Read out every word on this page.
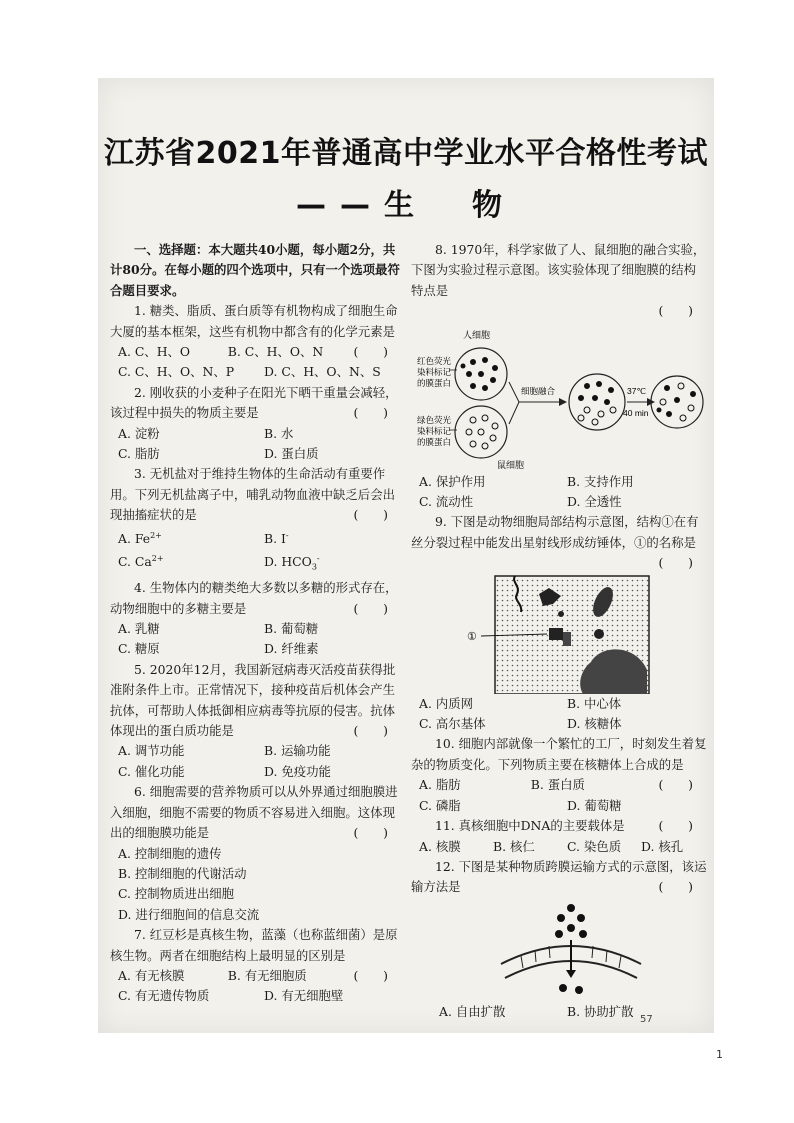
江苏省2021年普通高中学业水平合格性考试
——生　物

一、选择题：本大题共40小题，每小题2分，共计80分。在每小题的四个选项中，只有一个选项最符合题目要求。

1. 糖类、脂质、蛋白质等有机物构成了细胞生命大厦的基本框架，这些有机物中都含有的化学元素是
(　　)

A. C、H、O	B. C、H、O、N
C. C、H、O、N、P	D. C、H、O、N、S

2. 刚收获的小麦种子在阳光下晒干重量会减轻，该过程中损失的物质主要是	(　　)

A. 淀粉	B. 水
C. 脂肪	D. 蛋白质

3. 无机盐对于维持生物体的生命活动有重要作用。下列无机盐离子中，哺乳动物血液中缺乏后会出现抽搐症状的是	(　　)

A. $Fe^{2+}$	B. I-
C. $Ca^{2+}$	D. $HCO_3^-$

4. 生物体内的糖类绝大多数以多糖的形式存在，动物细胞中的多糖主要是	(　　)

A. 乳糖	B. 葡萄糖
C. 糖原	D. 纤维素

5. 2020年12月，我国新冠病毒灭活疫苗获得批准附条件上市。正常情况下，接种疫苗后机体会产生抗体，可帮助人体抵御相应病毒等抗原的侵害。抗体体现出的蛋白质功能是	(　　)

A. 调节功能	B. 运输功能
C. 催化功能	D. 免疫功能

6. 细胞需要的营养物质可以从外界通过细胞膜进入细胞，细胞不需要的物质不容易进入细胞。这体现出的细胞膜功能是	(　　)

A. 控制细胞的遗传
B. 控制细胞的代谢活动
C. 控制物质进出细胞
D. 进行细胞间的信息交流

7. 红豆杉是真核生物，蓝藻（也称蓝细菌）是原核生物。两者在细胞结构上最明显的区别是
(　　)

A. 有无核膜	B. 有无细胞质
C. 有无遗传物质	D. 有无细胞壁

8. 1970年，科学家做了人、鼠细胞的融合实验，下图为实验过程示意图。该实验体现了细胞膜的结构特点是

(　　)
人细胞
红色荧光
染料标记
的膜蛋白
绿色荧光
染料标记
的膜蛋白
鼠细胞
细胞融合	37℃
40 min
A. 保护作用	B. 支持作用
C. 流动性	D. 全透性

9. 下图是动物细胞局部结构示意图，结构①在有丝分裂过程中能发出星射线形成纺锤体，①的名称是

(　　)
①
A. 内质网	B. 中心体
C. 高尔基体	D. 核糖体

10. 细胞内部就像一个繁忙的工厂，时刻发生着复杂的物质变化。下列物质主要在核糖体上合成的是
(　　)

A. 脂肪	B. 蛋白质
C. 磷脂	D. 葡萄糖

11. 真核细胞中DNA的主要载体是	(　　)

A. 核膜	B. 核仁	C. 染色质	D. 核孔

12. 下图是某种物质跨膜运输方式的示意图，该运输方法是	(　　)

A. 自由扩散	B. 协助扩散
57
1
